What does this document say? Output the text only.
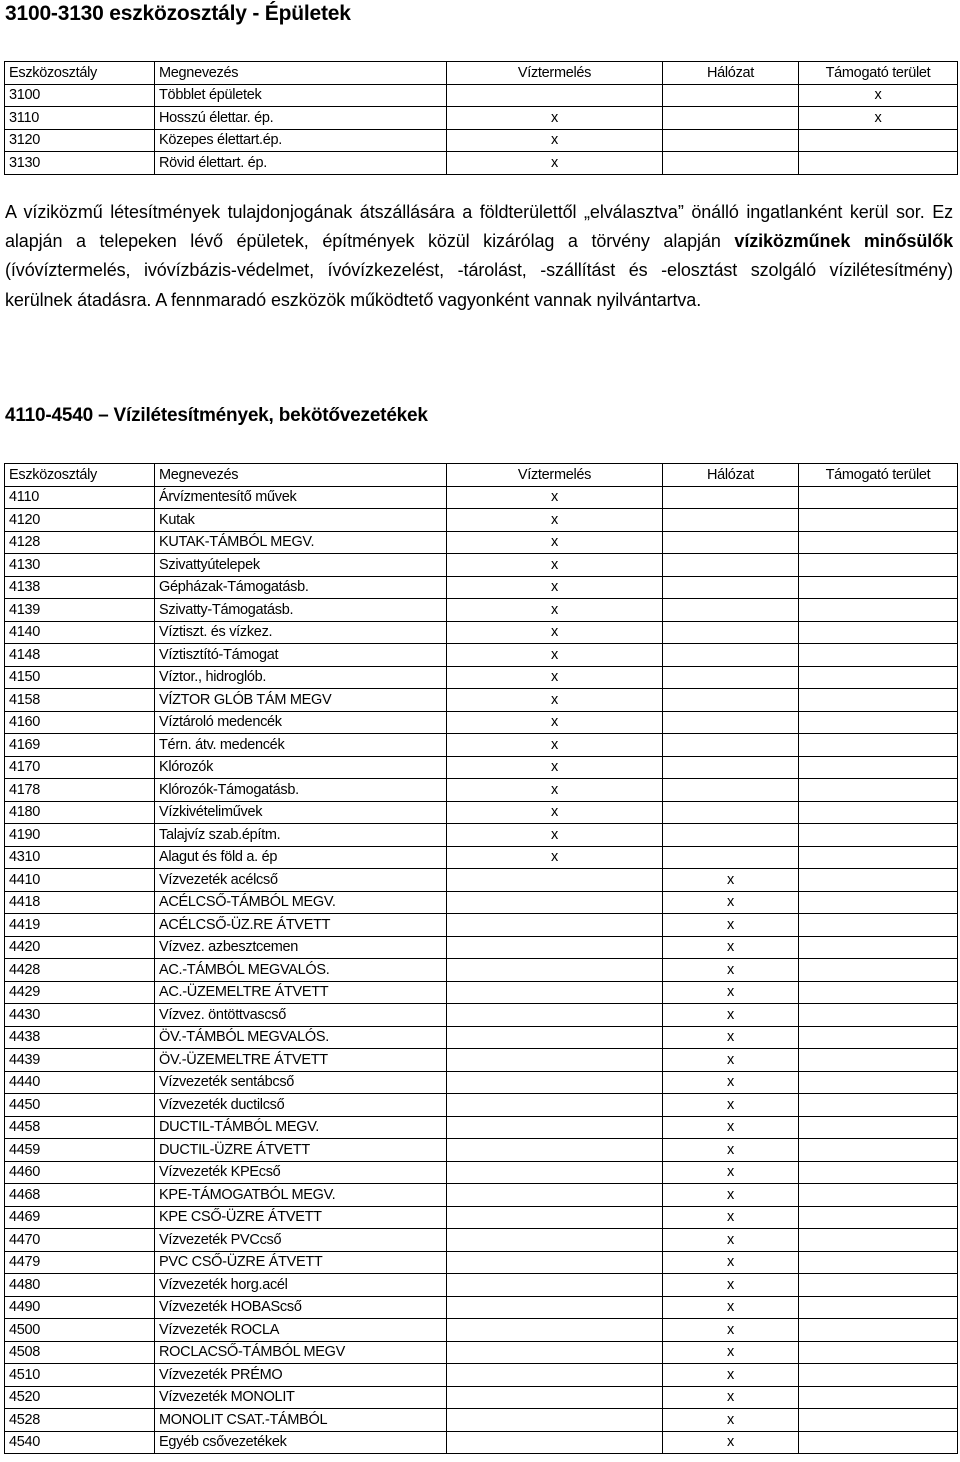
3100-3130 eszközosztály - Épületek
Eszközosztály	Megnevezés	Víztermelés	Hálózat	Támogató terület
3100	Többlet épületek			x
3110	Hosszú élettar. ép.	x		x
3120	Közepes élettart.ép.	x		
3130	Rövid élettart. ép.	x		

A víziközmű létesítmények tulajdonjogának átszállására a földterülettől „elválasztva” önálló ingatlanként kerül sor. Ez alapján a telepeken lévő épületek, építmények közül kizárólag a törvény alapján víziközműnek minősülők (ívóvíztermelés, ivóvízbázis-védelmet, ívóvízkezelést, -tárolást, -szállítást és -elosztást szolgáló vízilétesítmény) kerülnek átadásra. A fennmaradó eszközök működtető vagyonként vannak nyilvántartva.

4110-4540 – Vízilétesítmények, bekötővezetékek
Eszközosztály	Megnevezés	Víztermelés	Hálózat	Támogató terület
4110	Árvízmentesítő művek	x		
4120	Kutak	x		
4128	KUTAK-TÁMBÓL MEGV.	x		
4130	Szivattyútelepek	x		
4138	Gépházak-Támogatásb.	x		
4139	Szivatty-Támogatásb.	x		
4140	Víztiszt. és vízkez.	x		
4148	Víztisztító-Támogat	x		
4150	Víztor., hidroglób.	x		
4158	VÍZTOR GLÓB TÁM MEGV	x		
4160	Víztároló medencék	x		
4169	Térn. átv. medencék	x		
4170	Klórozók	x		
4178	Klórozók-Támogatásb.	x		
4180	Vízkivételiművek	x		
4190	Talajvíz szab.építm.	x		
4310	Alagut és föld a. ép	x		
4410	Vízvezeték acélcső		x	
4418	ACÉLCSŐ-TÁMBÓL MEGV.		x	
4419	ACÉLCSŐ-ÜZ.RE ÁTVETT		x	
4420	Vízvez. azbesztcemen		x	
4428	AC.-TÁMBÓL MEGVALÓS.		x	
4429	AC.-ÜZEMELTRE ÁTVETT		x	
4430	Vízvez. öntöttvascső		x	
4438	ÖV.-TÁMBÓL MEGVALÓS.		x	
4439	ÖV.-ÜZEMELTRE ÁTVETT		x	
4440	Vízvezeték sentábcső		x	
4450	Vízvezeték ductilcső		x	
4458	DUCTIL-TÁMBÓL MEGV.		x	
4459	DUCTIL-ÜZRE ÁTVETT		x	
4460	Vízvezeték KPEcső		x	
4468	KPE-TÁMOGATBÓL MEGV.		x	
4469	KPE CSŐ-ÜZRE ÁTVETT		x	
4470	Vízvezeték PVCcső		x	
4479	PVC CSŐ-ÜZRE ÁTVETT		x	
4480	Vízvezeték horg.acél		x	
4490	Vízvezeték HOBAScső		x	
4500	Vízvezeték ROCLA		x	
4508	ROCLACSŐ-TÁMBÓL MEGV		x	
4510	Vízvezeték PRÉMO		x	
4520	Vízvezeték MONOLIT		x	
4528	MONOLIT CSAT.-TÁMBÓL		x	
4540	Egyéb csővezetékek		x	
